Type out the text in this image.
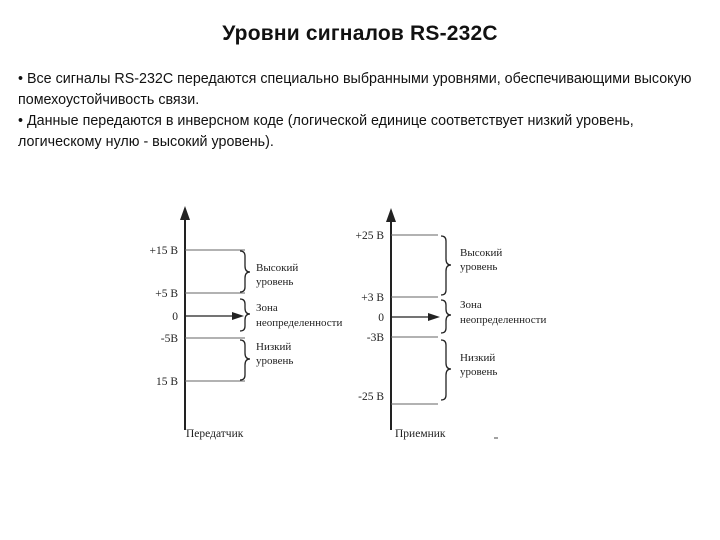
Уровни сигналов RS-232C

• Все сигналы RS-232C передаются специально выбранными уровнями, обеспечивающими высокую помехоустойчивость связи.

• Данные передаются в инверсном коде (логической единице соответствует низкий уровень, логическому нулю - высокий уровень).

+15 В
+5 В
0
-5В
15 В
Высокий
уровень
Зона
неопределенности
Низкий
уровень
Передатчик
+25 В
+3 В
0
-3В
-25 В
Высокий
уровень
Зона
неопределенности
Низкий
уровень
Приемник
